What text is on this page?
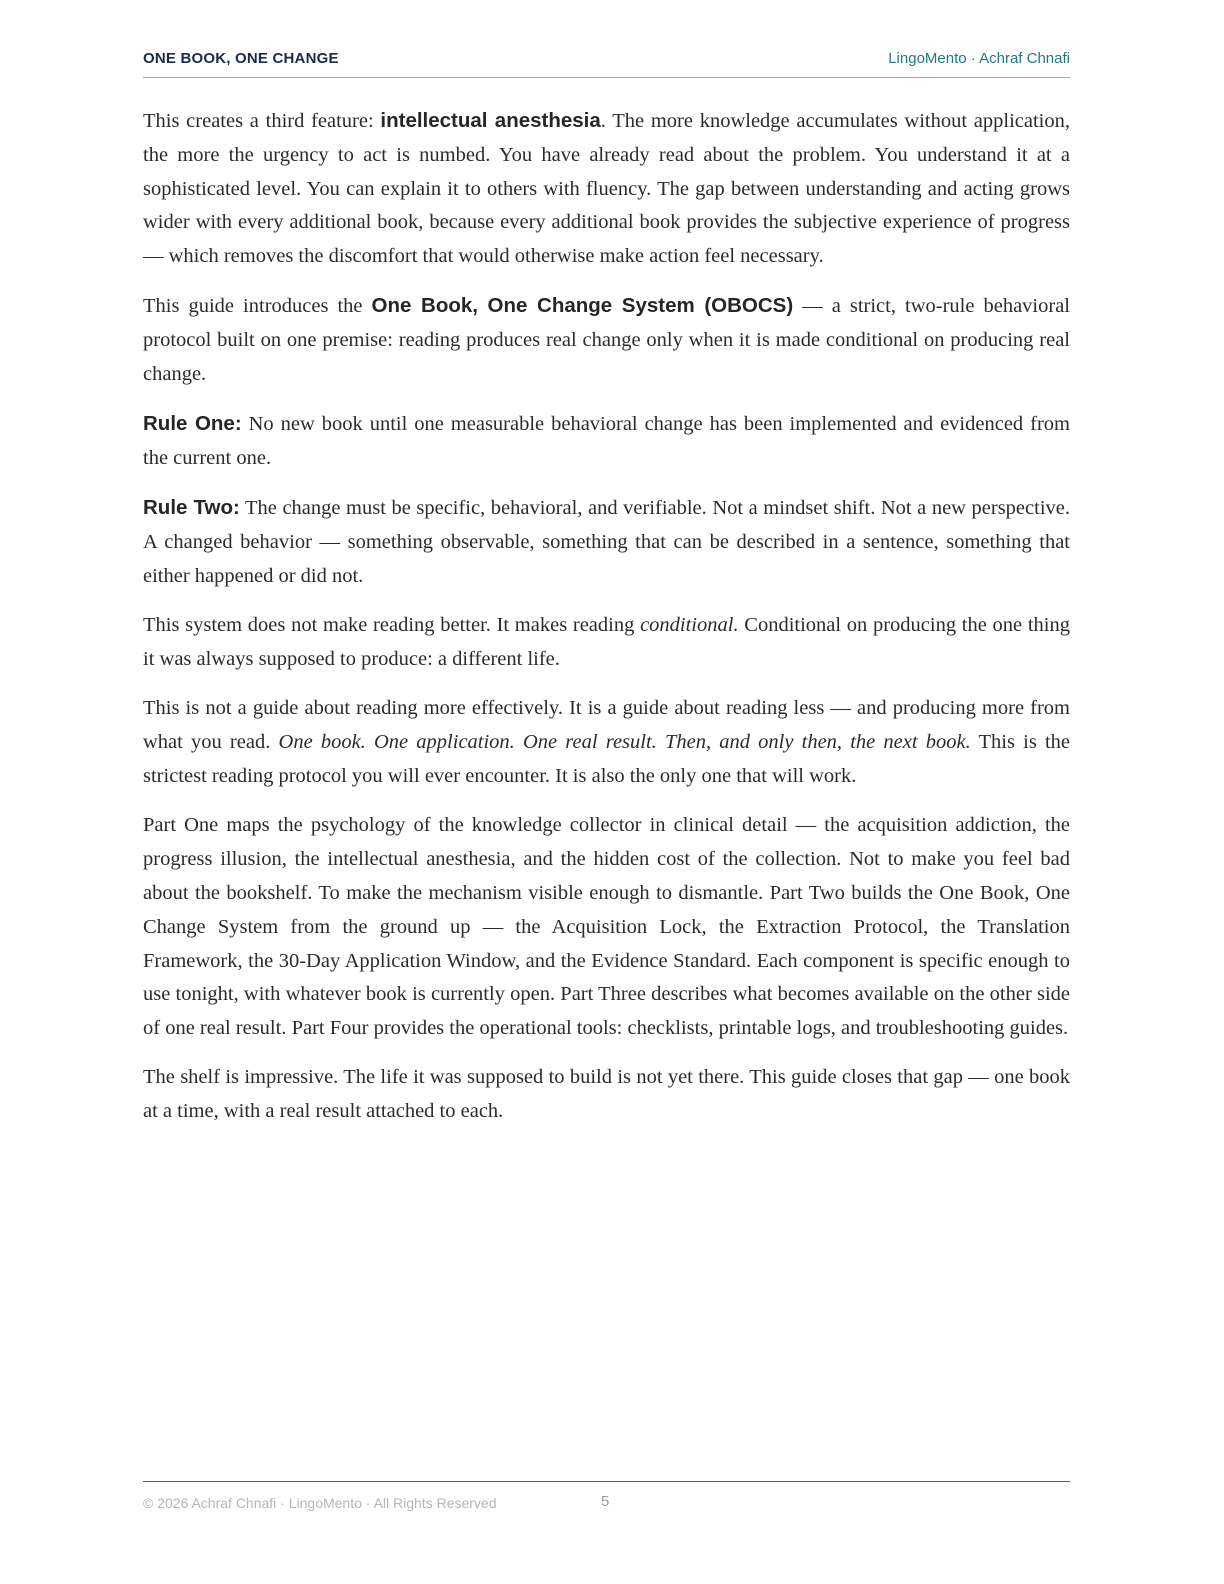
ONE BOOK, ONE CHANGE	LingoMento · Achraf Chnafi

This creates a third feature: intellectual anesthesia. The more knowledge accumulates without application, the more the urgency to act is numbed. You have already read about the problem. You understand it at a sophisticated level. You can explain it to others with fluency. The gap between understanding and acting grows wider with every additional book, because every additional book provides the subjective experience of progress — which removes the discomfort that would otherwise make action feel necessary.

This guide introduces the One Book, One Change System (OBOCS) — a strict, two-rule behavioral protocol built on one premise: reading produces real change only when it is made conditional on producing real change.

Rule One: No new book until one measurable behavioral change has been implemented and evidenced from the current one.

Rule Two: The change must be specific, behavioral, and verifiable. Not a mindset shift. Not a new perspective. A changed behavior — something observable, something that can be described in a sentence, something that either happened or did not.

This system does not make reading better. It makes reading conditional. Conditional on producing the one thing it was always supposed to produce: a different life.

This is not a guide about reading more effectively. It is a guide about reading less — and producing more from what you read. One book. One application. One real result. Then, and only then, the next book. This is the strictest reading protocol you will ever encounter. It is also the only one that will work.

Part One maps the psychology of the knowledge collector in clinical detail — the acquisition addiction, the progress illusion, the intellectual anesthesia, and the hidden cost of the collection. Not to make you feel bad about the bookshelf. To make the mechanism visible enough to dismantle. Part Two builds the One Book, One Change System from the ground up — the Acquisition Lock, the Extraction Protocol, the Translation Framework, the 30-Day Application Window, and the Evidence Standard. Each component is specific enough to use tonight, with whatever book is currently open. Part Three describes what becomes available on the other side of one real result. Part Four provides the operational tools: checklists, printable logs, and troubleshooting guides.

The shelf is impressive. The life it was supposed to build is not yet there. This guide closes that gap — one book at a time, with a real result attached to each.

© 2026 Achraf Chnafi · LingoMento · All Rights Reserved	5
